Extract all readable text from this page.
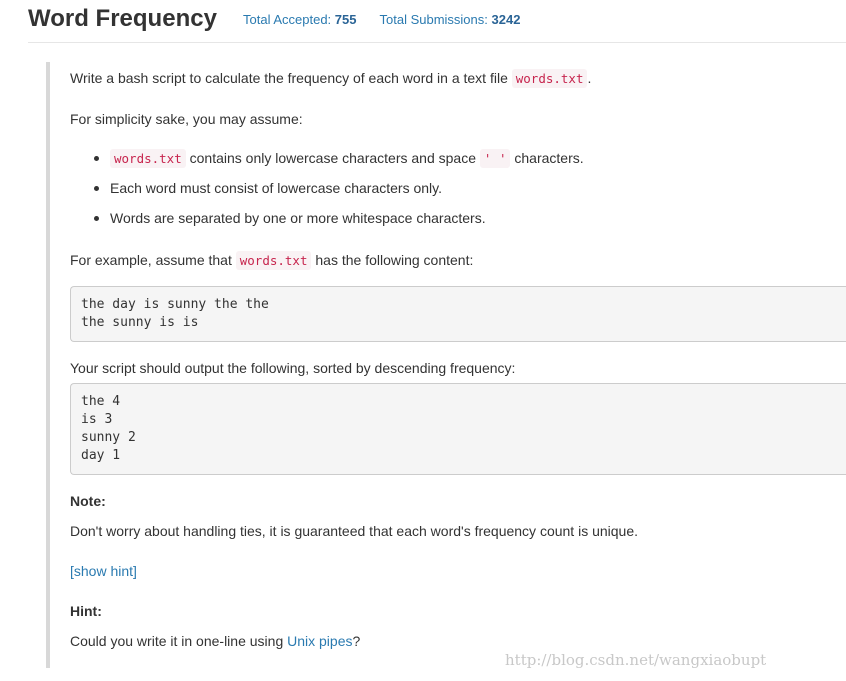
Word Frequency Total Accepted: 755 Total Submissions: 3242
Write a bash script to calculate the frequency of each word in a text file words.txt .
For simplicity sake, you may assume:
words.txt contains only lowercase characters and space ' ' characters.
Each word must consist of lowercase characters only.
Words are separated by one or more whitespace characters.
For example, assume that words.txt has the following content:
the day is sunny the the
the sunny is is
Your script should output the following, sorted by descending frequency:
the 4
is 3
sunny 2
day 1
Note:
Don't worry about handling ties, it is guaranteed that each word's frequency count is unique.
[show hint]
Hint:
Could you write it in one-line using Unix pipes?
http://blog.csdn.net/wangxiaobupt
